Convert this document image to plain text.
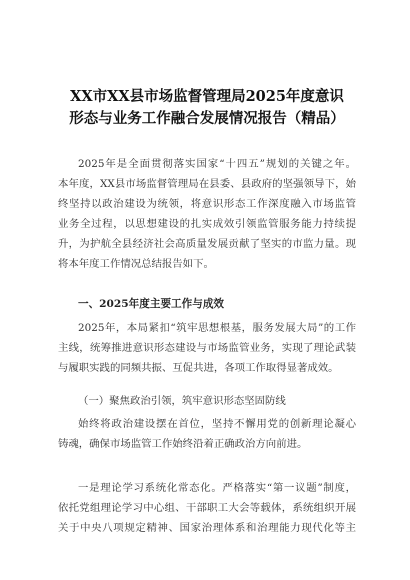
XX市XX县市场监督管理局2025年度意识
形态与业务工作融合发展情况报告（精品）
2025年是全面贯彻落实国家“十四五”规划的关键之年。
本年度，XX县市场监督管理局在县委、县政府的坚强领导下，始
终坚持以政治建设为统领，将意识形态工作深度融入市场监管
业务全过程，以思想建设的扎实成效引领监管服务能力持续提
升，为护航全县经济社会高质量发展贡献了坚实的市监力量。现
将本年度工作情况总结报告如下。
一、2025年度主要工作与成效
2025年，本局紧扣“筑牢思想根基，服务发展大局”的工作
主线，统筹推进意识形态建设与市场监管业务，实现了理论武装
与履职实践的同频共振、互促共进，各项工作取得显著成效。
（一）聚焦政治引领，筑牢意识形态坚固防线
始终将政治建设摆在首位，坚持不懈用党的创新理论凝心
铸魂，确保市场监管工作始终沿着正确政治方向前进。
一是理论学习系统化常态化。严格落实“第一议题”制度，
依托党组理论学习中心组、干部职工大会等载体，系统组织开展
关于中央八项规定精神、国家治理体系和治理能力现代化等主
